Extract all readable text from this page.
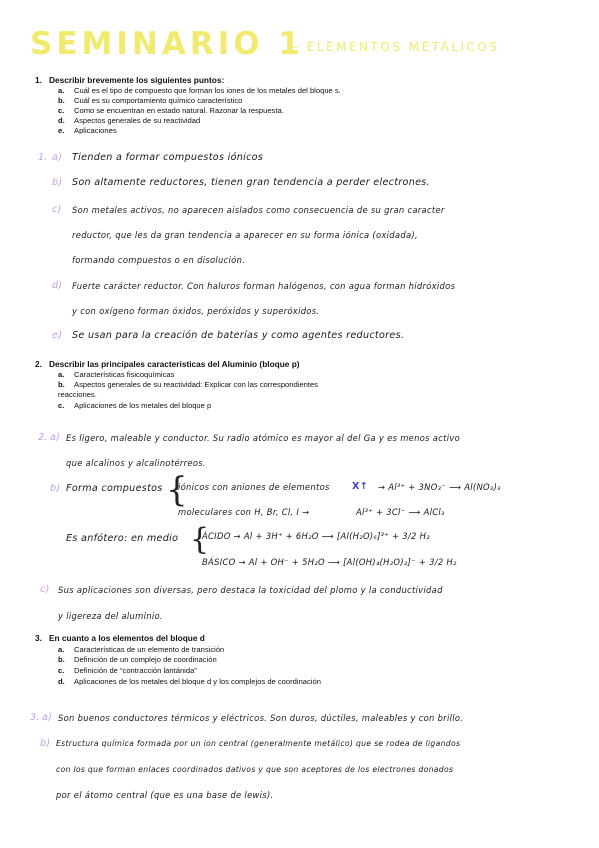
SEMINARIO 1
– ELEMENTOS METÁLICOS
1. Describir brevemente los siguientes puntos:
a. Cuál es el tipo de compuesto que forman los iones de los metales del bloque s.
b. Cuál es su comportamiento químico característico
c. Como se encuentran en estado natural. Razonar la respuesta.
d. Aspectos generales de su reactividad
e. Aplicaciones
1. a) Tienden a formar compuestos iónicos
b) Son altamente reductores, tienen gran tendencia a perder electrones.
c) Son metales activos, no aparecen aislados como consecuencia de su gran caracter
reductor, que les da gran tendencia a aparecer en su forma iónica (oxidada),
formando compuestos o en disolución.
d) Fuerte carácter reductor. Con haluros forman halógenos, con agua forman hidróxidos
y con oxígeno forman óxidos, peróxidos y superóxidos.
e) Se usan para la creación de baterías y como agentes reductores.
2. Describir las principales características del Aluminio (bloque p)
a. Características fisicoquímicas
b. Aspectos generales de su reactividad: Explicar con las correspondientes
reacciones.
c. Aplicaciones de los metales del bloque p
2. a) Es ligero, maleable y conductor. Su radio atómico es mayor al del Ga y es menos activo
que alcalinos y alcalinotérreos.
b) Forma compuestos {
iónicos con aniones de elementos X↑ → Al³⁺ + 3NO₃⁻ ⟶ Al(NO₃)₃
moleculares con H, Br, Cl, I →	Al³⁺ + 3Cl⁻ ⟶ AlCl₃
Es anfótero: en medio {
ÁCIDO → Al + 3H⁺ + 6H₂O ⟶ [Al(H₂O)₆]³⁺ + 3/2 H₂
BÁSICO → Al + OH⁻ + 5H₂O ⟶ [Al(OH)₄(H₂O)₂]⁻ + 3/2 H₂
c) Sus aplicaciones son diversas, pero destaca la toxicidad del plomo y la conductividad
y ligereza del aluminio.
3. En cuanto a los elementos del bloque d
a. Características de un elemento de transición
b. Definición de un complejo de coordinación
c. Definición de “contracción lantánida”
d. Aplicaciones de los metales del bloque d y los complejos de coordinación
3. a) Son buenos conductores térmicos y eléctricos. Son duros, dúctiles, maleables y con brillo.
b) Estructura química formada por un ion central (generalmente metálico) que se rodea de ligandos
con los que forman enlaces coordinados dativos y que son aceptores de los electrones donados
por el átomo central (que es una base de lewis).
